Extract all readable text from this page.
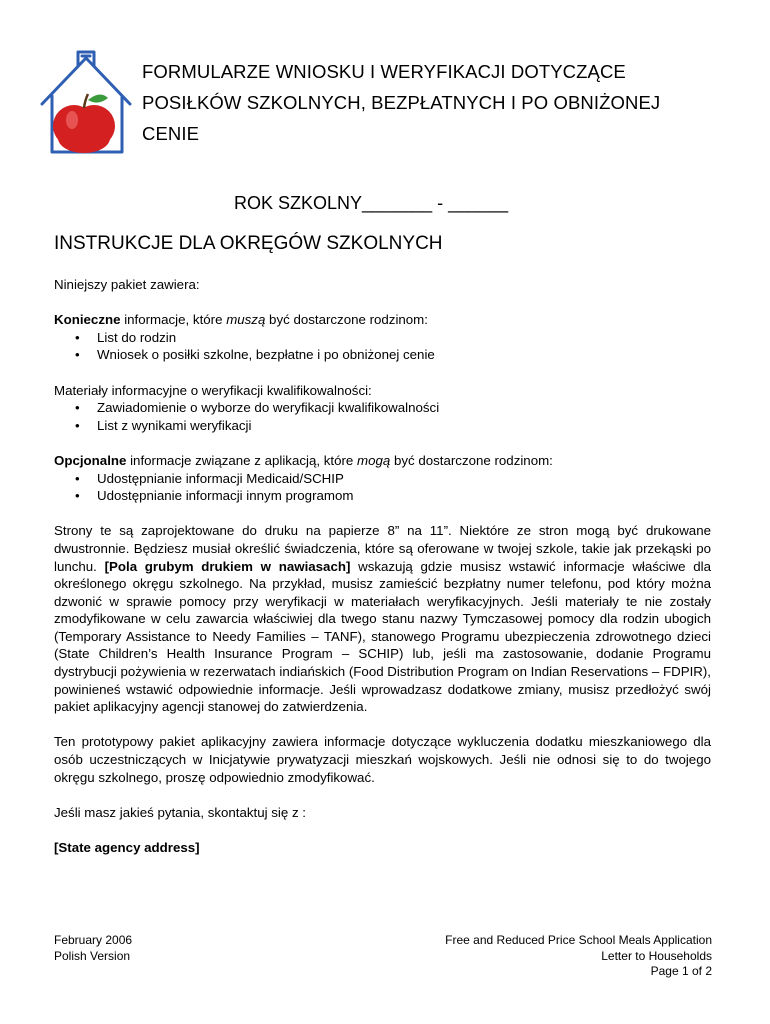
FORMULARZE WNIOSKU I WERYFIKACJI DOTYCZĄCE
POSIŁKÓW SZKOLNYCH, BEZPŁATNYCH I PO OBNIŻONEJ
CENIE
ROK SZKOLNY_______ - ______
INSTRUKCJE DLA OKRĘGÓW SZKOLNYCH

Niniejszy pakiet zawiera:

Konieczne informacje, które muszą być dostarczone rodzinom:

• List do rodzin
• Wniosek o posiłki szkolne, bezpłatne i po obniżonej cenie

Materiały informacyjne o weryfikacji kwalifikowalności:

• Zawiadomienie o wyborze do weryfikacji kwalifikowalności
• List z wynikami weryfikacji

Opcjonalne informacje związane z aplikacją, które mogą być dostarczone rodzinom:

• Udostępnianie informacji Medicaid/SCHIP
• Udostępnianie informacji innym programom

Strony te są zaprojektowane do druku na papierze 8” na 11”. Niektóre ze stron mogą być drukowane dwustronnie. Będziesz musiał określić świadczenia, które są oferowane w twojej szkole, takie jak przekąski po lunchu. [Pola grubym drukiem w nawiasach] wskazują gdzie musisz wstawić informacje właściwe dla określonego okręgu szkolnego. Na przykład, musisz zamieścić bezpłatny numer telefonu, pod który można dzwonić w sprawie pomocy przy weryfikacji w materiałach weryfikacyjnych. Jeśli materiały te nie zostały zmodyfikowane w celu zawarcia właściwiej dla twego stanu nazwy Tymczasowej pomocy dla rodzin ubogich (Temporary Assistance to Needy Families – TANF), stanowego Programu ubezpieczenia zdrowotnego dzieci (State Children’s Health Insurance Program – SCHIP) lub, jeśli ma zastosowanie, dodanie Programu dystrybucji pożywienia w rezerwatach indiańskich (Food Distribution Program on Indian Reservations – FDPIR), powinieneś wstawić odpowiednie informacje. Jeśli wprowadzasz dodatkowe zmiany, musisz przedłożyć swój pakiet aplikacyjny agencji stanowej do zatwierdzenia.

Ten prototypowy pakiet aplikacyjny zawiera informacje dotyczące wykluczenia dodatku mieszkaniowego dla osób uczestniczących w Inicjatywie prywatyzacji mieszkań wojskowych. Jeśli nie odnosi się to do twojego okręgu szkolnego, proszę odpowiednio zmodyfikować.

Jeśli masz jakieś pytania, skontaktuj się z :

[State agency address]

February 2006
Polish Version
Free and Reduced Price School Meals Application
Letter to Households
Page 1 of 2
